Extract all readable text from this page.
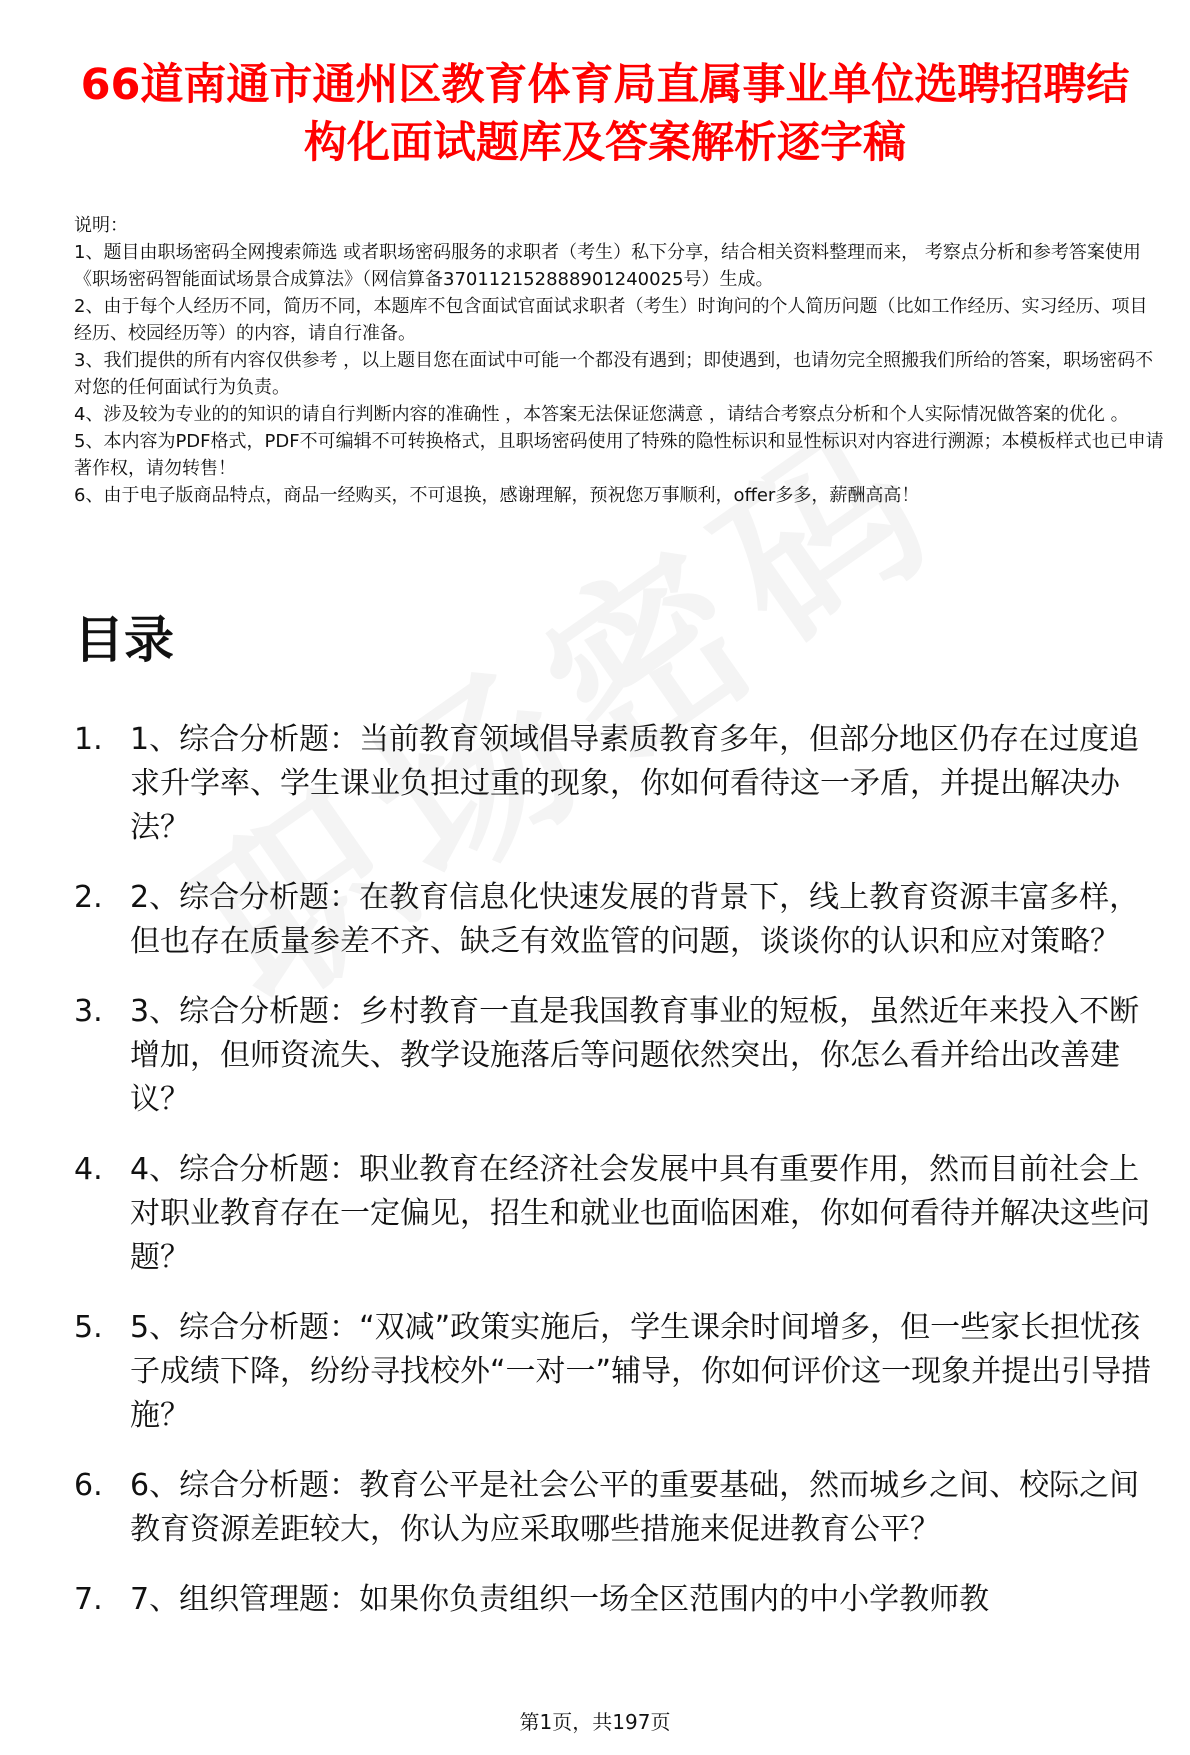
66道南通市通州区教育体育局直属事业单位选聘招聘结构化面试题库及答案解析逐字稿

说明：

1、题目由职场密码全网搜索筛选 或者职场密码服务的求职者（考生）私下分享，结合相关资料整理而来， 考察点分析和参考答案使用《职场密码智能面试场景合成算法》（网信算备370112152888901240025号）生成。

2、由于每个人经历不同，简历不同，本题库不包含面试官面试求职者（考生）时询问的个人简历问题（比如工作经历、实习经历、项目经历、校园经历等）的内容，请自行准备。

3、我们提供的所有内容仅供参考 ，以上题目您在面试中可能一个都没有遇到；即使遇到，也请勿完全照搬我们所给的答案，职场密码不对您的任何面试行为负责。

4、涉及较为专业的的知识的请自行判断内容的准确性 ，本答案无法保证您满意 ，请结合考察点分析和个人实际情况做答案的优化 。

5、本内容为PDF格式，PDF不可编辑不可转换格式，且职场密码使用了特殊的隐性标识和显性标识对内容进行溯源；本模板样式也已申请著作权，请勿转售！

6、由于电子版商品特点，商品一经购买，不可退换，感谢理解，预祝您万事顺利，offer多多，薪酬高高！

目录
1. 1、综合分析题：当前教育领域倡导素质教育多年，但部分地区仍存在过度追求升学率、学生课业负担过重的现象，你如何看待这一矛盾，并提出解决办法？
2. 2、综合分析题：在教育信息化快速发展的背景下，线上教育资源丰富多样，但也存在质量参差不齐、缺乏有效监管的问题，谈谈你的认识和应对策略？
3. 3、综合分析题：乡村教育一直是我国教育事业的短板，虽然近年来投入不断增加，但师资流失、教学设施落后等问题依然突出，你怎么看并给出改善建议？
4. 4、综合分析题：职业教育在经济社会发展中具有重要作用，然而目前社会上对职业教育存在一定偏见，招生和就业也面临困难，你如何看待并解决这些问题？
5. 5、综合分析题：“双减”政策实施后，学生课余时间增多，但一些家长担忧孩子成绩下降，纷纷寻找校外“一对一”辅导，你如何评价这一现象并提出引导措施？
6. 6、综合分析题：教育公平是社会公平的重要基础，然而城乡之间、校际之间教育资源差距较大，你认为应采取哪些措施来促进教育公平？
7. 7、组织管理题：如果你负责组织一场全区范围内的中小学教师教
第1页，共197页
